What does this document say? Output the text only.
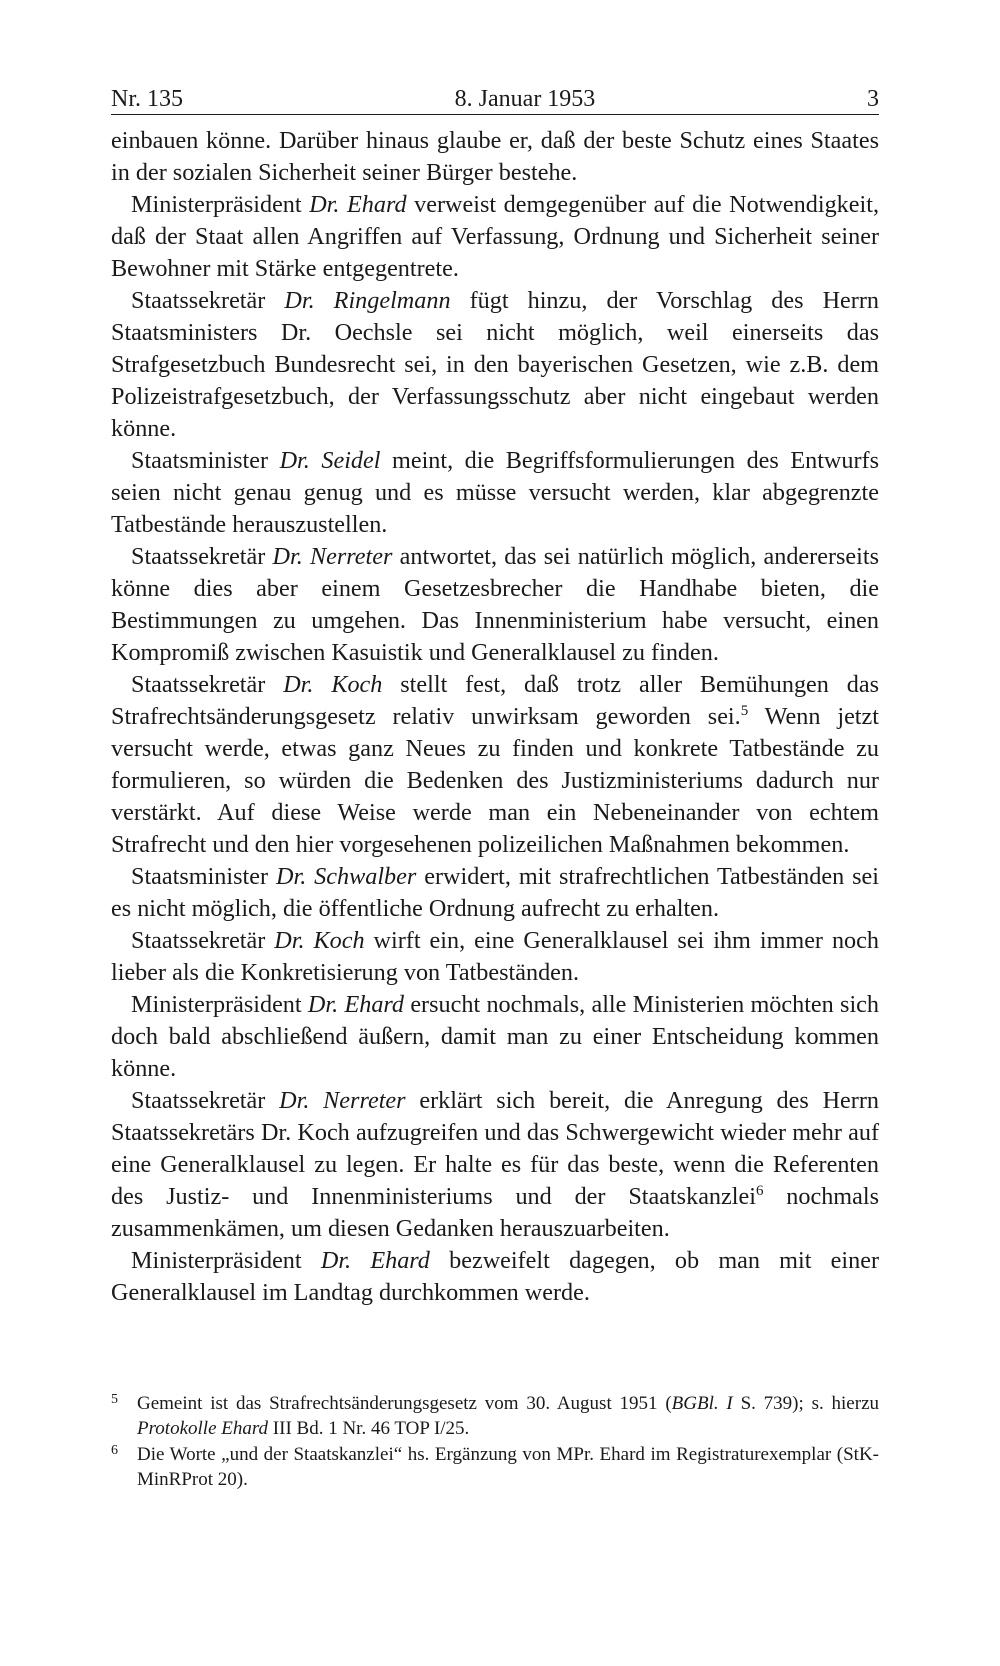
Nr. 135	8. Januar 1953	3

einbauen könne. Darüber hinaus glaube er, daß der beste Schutz eines Staates in der sozialen Sicherheit seiner Bürger bestehe.

Ministerpräsident Dr. Ehard verweist demgegenüber auf die Notwendigkeit, daß der Staat allen Angriffen auf Verfassung, Ordnung und Sicherheit seiner Bewohner mit Stärke entgegentrete.

Staatssekretär Dr. Ringelmann fügt hinzu, der Vorschlag des Herrn Staatsministers Dr. Oechsle sei nicht möglich, weil einerseits das Strafgesetzbuch Bundesrecht sei, in den bayerischen Gesetzen, wie z.B. dem Polizeistrafgesetzbuch, der Verfassungsschutz aber nicht eingebaut werden könne.

Staatsminister Dr. Seidel meint, die Begriffsformulierungen des Entwurfs seien nicht genau genug und es müsse versucht werden, klar abgegrenzte Tatbestände herauszustellen.

Staatssekretär Dr. Nerreter antwortet, das sei natürlich möglich, andererseits könne dies aber einem Gesetzesbrecher die Handhabe bieten, die Bestimmungen zu umgehen. Das Innenministerium habe versucht, einen Kompromiß zwischen Kasuistik und Generalklausel zu finden.

Staatssekretär Dr. Koch stellt fest, daß trotz aller Bemühungen das Strafrechtsänderungsgesetz relativ unwirksam geworden sei.$^5$ Wenn jetzt versucht werde, etwas ganz Neues zu finden und konkrete Tatbestände zu formulieren, so würden die Bedenken des Justizministeriums dadurch nur verstärkt. Auf diese Weise werde man ein Nebeneinander von echtem Strafrecht und den hier vorgesehenen polizeilichen Maßnahmen bekommen.

Staatsminister Dr. Schwalber erwidert, mit strafrechtlichen Tatbeständen sei es nicht möglich, die öffentliche Ordnung aufrecht zu erhalten.

Staatssekretär Dr. Koch wirft ein, eine Generalklausel sei ihm immer noch lieber als die Konkretisierung von Tatbeständen.

Ministerpräsident Dr. Ehard ersucht nochmals, alle Ministerien möchten sich doch bald abschließend äußern, damit man zu einer Entscheidung kommen könne.

Staatssekretär Dr. Nerreter erklärt sich bereit, die Anregung des Herrn Staatssekretärs Dr. Koch aufzugreifen und das Schwergewicht wieder mehr auf eine Generalklausel zu legen. Er halte es für das beste, wenn die Referenten des Justiz- und Innenministeriums und der Staatskanzlei$^6$ nochmals zusammenkämen, um diesen Gedanken herauszuarbeiten.

Ministerpräsident Dr. Ehard bezweifelt dagegen, ob man mit einer Generalklausel im Landtag durchkommen werde.

5	Gemeint ist das Strafrechtsänderungsgesetz vom 30. August 1951 (BGBl. I S. 739); s. hierzu Protokolle Ehard III Bd. 1 Nr. 46 TOP I/25.
6	Die Worte „und der Staatskanzlei“ hs. Ergänzung von MPr. Ehard im Registraturexemplar (StK-MinRProt 20).
